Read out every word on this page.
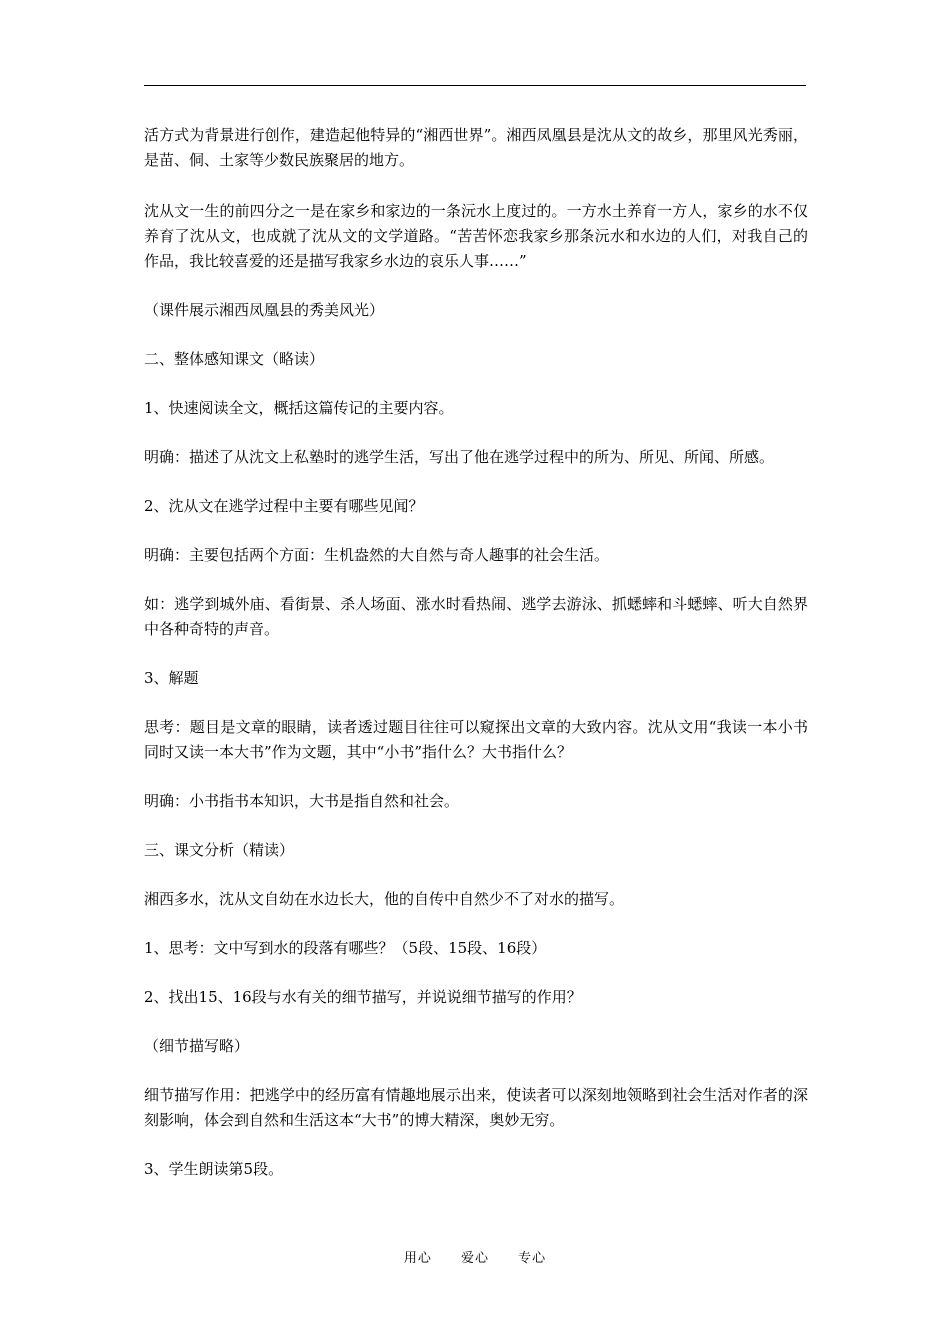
活方式为背景进行创作，建造起他特异的“湘西世界”。湘西凤凰县是沈从文的故乡，那里风光秀丽，是苗、侗、土家等少数民族聚居的地方。

沈从文一生的前四分之一是在家乡和家边的一条沅水上度过的。一方水土养育一方人，家乡的水不仅养育了沈从文，也成就了沈从文的文学道路。“苦苦怀恋我家乡那条沅水和水边的人们，对我自己的作品，我比较喜爱的还是描写我家乡水边的哀乐人事……”

（课件展示湘西凤凰县的秀美风光）

二、整体感知课文（略读）

1、快速阅读全文，概括这篇传记的主要内容。

明确：描述了从沈文上私塾时的逃学生活，写出了他在逃学过程中的所为、所见、所闻、所感。

2、沈从文在逃学过程中主要有哪些见闻？

明确：主要包括两个方面：生机盎然的大自然与奇人趣事的社会生活。

如：逃学到城外庙、看街景、杀人场面、涨水时看热闹、逃学去游泳、抓蟋蟀和斗蟋蟀、听大自然界中各种奇特的声音。

3、解题

思考：题目是文章的眼睛，读者透过题目往往可以窥探出文章的大致内容。沈从文用“我读一本小书同时又读一本大书”作为文题，其中“小书”指什么？大书指什么？

明确：小书指书本知识，大书是指自然和社会。

三、课文分析（精读）

湘西多水，沈从文自幼在水边长大，他的自传中自然少不了对水的描写。

1、思考：文中写到水的段落有哪些？（5段、15段、16段）

2、找出15、16段与水有关的细节描写，并说说细节描写的作用？

（细节描写略）

细节描写作用：把逃学中的经历富有情趣地展示出来，使读者可以深刻地领略到社会生活对作者的深刻影响，体会到自然和生活这本“大书”的博大精深，奥妙无穷。

3、学生朗读第5段。

用心 爱心 专心
